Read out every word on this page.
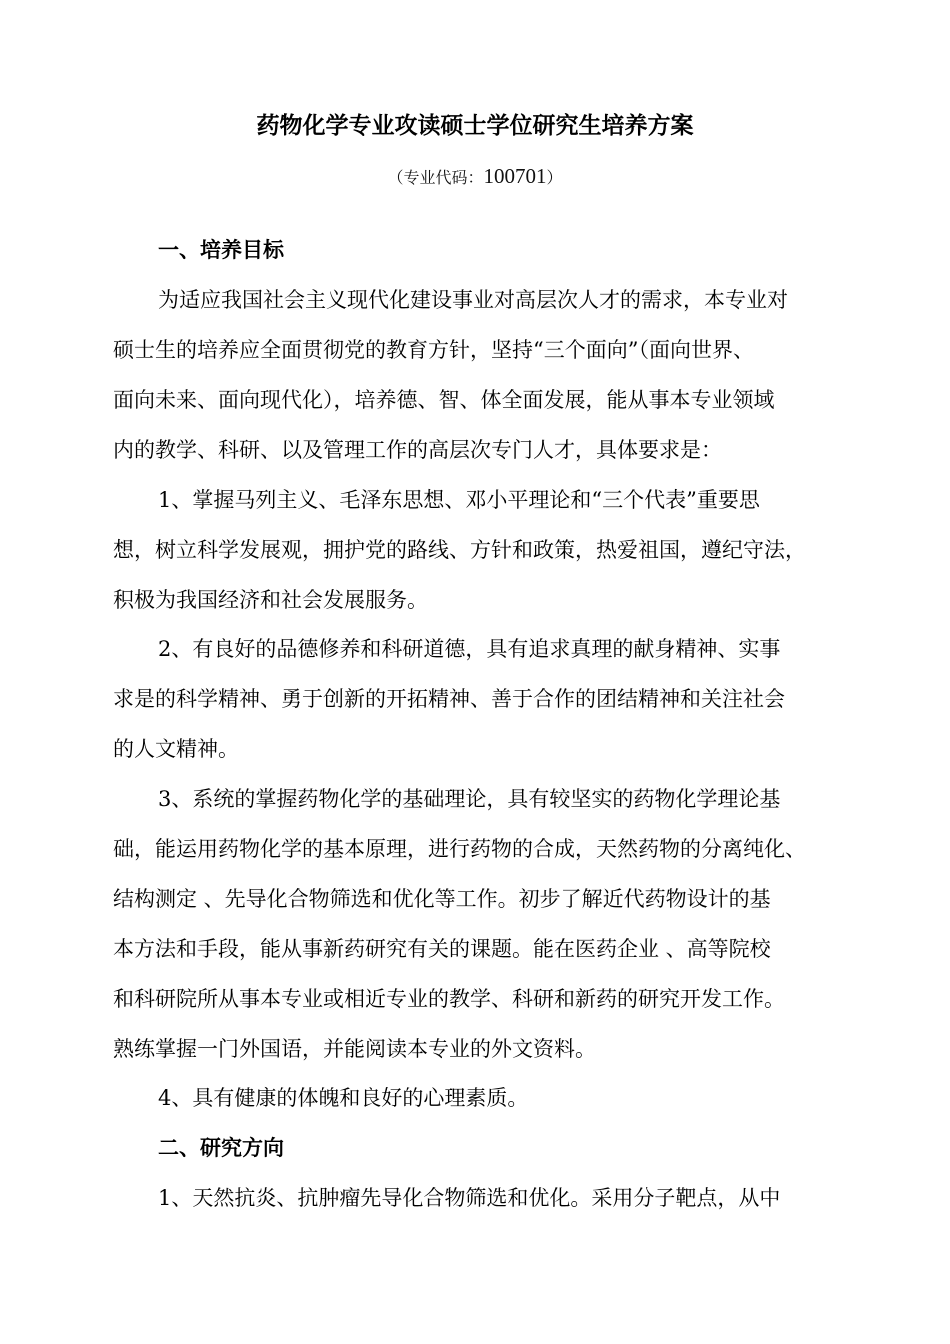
药物化学专业攻读硕士学位研究生培养方案
（专业代码：100701）
一、培养目标
为适应我国社会主义现代化建设事业对高层次人才的需求，本专业对
硕士生的培养应全面贯彻党的教育方针，坚持“三个面向”（面向世界、
面向未来、面向现代化），培养德、智、体全面发展，能从事本专业领域
内的教学、科研、以及管理工作的高层次专门人才，具体要求是：
1、掌握马列主义、毛泽东思想、邓小平理论和“三个代表”重要思
想，树立科学发展观，拥护党的路线、方针和政策，热爱祖国，遵纪守法，
积极为我国经济和社会发展服务。
2、有良好的品德修养和科研道德，具有追求真理的献身精神、实事
求是的科学精神、勇于创新的开拓精神、善于合作的团结精神和关注社会
的人文精神。
3、系统的掌握药物化学的基础理论，具有较坚实的药物化学理论基
础，能运用药物化学的基本原理，进行药物的合成，天然药物的分离纯化、
结构测定 、先导化合物筛选和优化等工作。初步了解近代药物设计的基
本方法和手段，能从事新药研究有关的课题。能在医药企业 、高等院校
和科研院所从事本专业或相近专业的教学、科研和新药的研究开发工作。
熟练掌握一门外国语，并能阅读本专业的外文资料。
4、具有健康的体魄和良好的心理素质。
二、研究方向
1、天然抗炎、抗肿瘤先导化合物筛选和优化。采用分子靶点，从中
